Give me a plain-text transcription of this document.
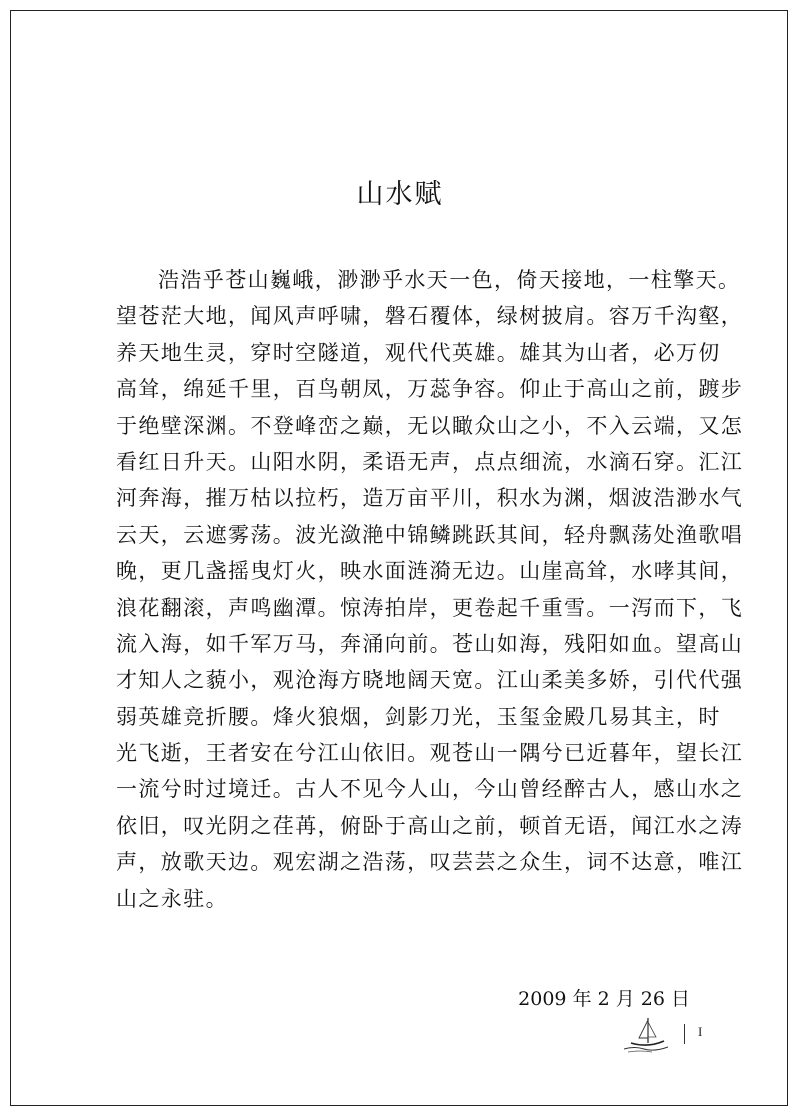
山水赋
浩浩乎苍山巍峨，渺渺乎水天一色，倚天接地，一柱擎天。
望苍茫大地，闻风声呼啸，磐石覆体，绿树披肩。容万千沟壑，
养天地生灵，穿时空隧道，观代代英雄。雄其为山者，必万仞
高耸，绵延千里，百鸟朝凤，万蕊争容。仰止于高山之前，踱步
于绝壁深渊。不登峰峦之巅，无以瞰众山之小，不入云端，又怎
看红日升天。山阳水阴，柔语无声，点点细流，水滴石穿。汇江
河奔海，摧万枯以拉朽，造万亩平川，积水为渊，烟波浩渺水气
云天，云遮雾荡。波光潋滟中锦鳞跳跃其间，轻舟飘荡处渔歌唱
晚，更几盏摇曳灯火，映水面涟漪无边。山崖高耸，水哮其间，
浪花翻滚，声鸣幽潭。惊涛拍岸，更卷起千重雪。一泻而下，飞
流入海，如千军万马，奔涌向前。苍山如海，残阳如血。望高山
才知人之藐小，观沧海方晓地阔天宽。江山柔美多娇，引代代强
弱英雄竞折腰。烽火狼烟，剑影刀光，玉玺金殿几易其主，时
光飞逝，王者安在兮江山依旧。观苍山一隅兮已近暮年，望长江
一流兮时过境迁。古人不见今人山，今山曾经醉古人，感山水之
依旧，叹光阴之荏苒，俯卧于高山之前，顿首无语，闻江水之涛
声，放歌天边。观宏湖之浩荡，叹芸芸之众生，词不达意，唯江
山之永驻。
2009 年 2 月 26 日
I
